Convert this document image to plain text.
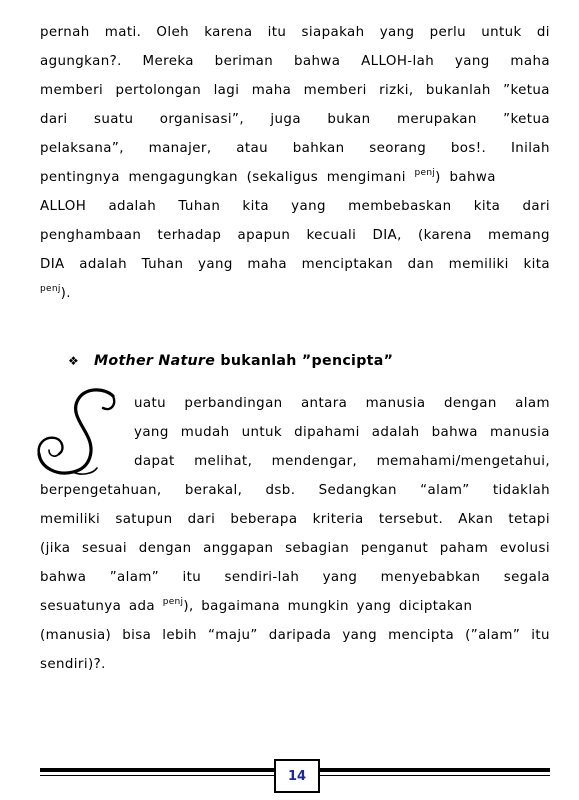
pernah mati. Oleh karena itu siapakah yang perlu untuk di
agungkan?. Mereka beriman bahwa ALLOH-lah yang maha
memberi pertolongan lagi maha memberi rizki, bukanlah ”ketua
dari suatu organisasi”, juga bukan merupakan ”ketua
pelaksana”, manajer, atau bahkan seorang bos!. Inilah
pentingnya mengagungkan (sekaligus mengimani $^{penj}$) bahwa
ALLOH adalah Tuhan kita yang membebaskan kita dari
penghambaan terhadap apapun kecuali DIA, (karena memang
DIA adalah Tuhan yang maha menciptakan dan memiliki kita
$^{penj}$).
❖ Mother Nature bukanlah ”pencipta”
uatu perbandingan antara manusia dengan alam
yang mudah untuk dipahami adalah bahwa manusia
dapat melihat, mendengar, memahami/mengetahui,
berpengetahuan, berakal, dsb. Sedangkan “alam” tidaklah
memiliki satupun dari beberapa kriteria tersebut. Akan tetapi
(jika sesuai dengan anggapan sebagian penganut paham evolusi
bahwa ”alam” itu sendiri-lah yang menyebabkan segala
sesuatunya ada $^{penj}$), bagaimana mungkin yang diciptakan
(manusia) bisa lebih “maju” daripada yang mencipta (”alam” itu
sendiri)?.
14
